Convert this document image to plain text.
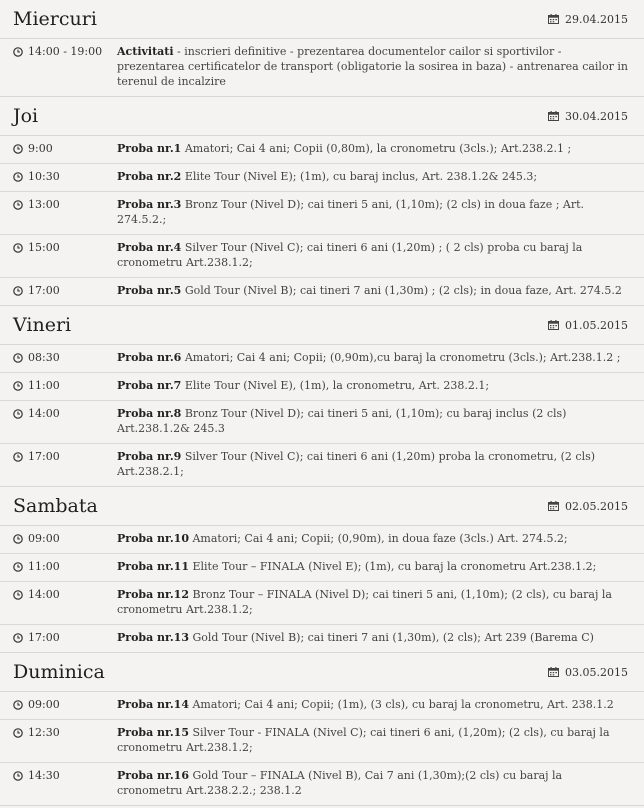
Miercuri	29.04.2015
14:00 - 19:00 Activitati - inscrieri definitive - prezentarea documentelor cailor si sportivilor - prezentarea certificatelor de transport (obligatorie la sosirea in baza) - antrenarea cailor in terenul de incalzire
Joi	30.04.2015
9:00	Proba nr.1 Amatori; Cai 4 ani; Copii (0,80m), la cronometru (3cls.); Art.238.2.1 ;
10:30	Proba nr.2 Elite Tour (Nivel E); (1m), cu baraj inclus, Art. 238.1.2& 245.3;
13:00	Proba nr.3 Bronz Tour (Nivel D); cai tineri 5 ani, (1,10m); (2 cls) in doua faze ; Art. 274.5.2.;
15:00	Proba nr.4 Silver Tour (Nivel C); cai tineri 6 ani (1,20m) ; ( 2 cls) proba cu baraj la cronometru Art.238.1.2;
17:00	Proba nr.5 Gold Tour (Nivel B); cai tineri 7 ani (1,30m) ; (2 cls); in doua faze, Art. 274.5.2
Vineri	01.05.2015
08:30	Proba nr.6 Amatori; Cai 4 ani; Copii; (0,90m),cu baraj la cronometru (3cls.); Art.238.1.2 ;
11:00	Proba nr.7 Elite Tour (Nivel E), (1m), la cronometru, Art. 238.2.1;
14:00	Proba nr.8 Bronz Tour (Nivel D); cai tineri 5 ani, (1,10m); cu baraj inclus (2 cls) Art.238.1.2& 245.3
17:00	Proba nr.9 Silver Tour (Nivel C); cai tineri 6 ani (1,20m) proba la cronometru, (2 cls) Art.238.2.1;
Sambata	02.05.2015
09:00	Proba nr.10 Amatori; Cai 4 ani; Copii; (0,90m), in doua faze (3cls.) Art. 274.5.2;
11:00	Proba nr.11 Elite Tour – FINALA (Nivel E); (1m), cu baraj la cronometru Art.238.1.2;
14:00	Proba nr.12 Bronz Tour – FINALA (Nivel D); cai tineri 5 ani, (1,10m); (2 cls), cu baraj la cronometru Art.238.1.2;
17:00	Proba nr.13 Gold Tour (Nivel B); cai tineri 7 ani (1,30m), (2 cls); Art 239 (Barema C)
Duminica	03.05.2015
09:00	Proba nr.14 Amatori; Cai 4 ani; Copii; (1m), (3 cls), cu baraj la cronometru, Art. 238.1.2
12:30	Proba nr.15 Silver Tour - FINALA (Nivel C); cai tineri 6 ani, (1,20m); (2 cls), cu baraj la cronometru Art.238.1.2;
14:30	Proba nr.16 Gold Tour – FINALA (Nivel B), Cai 7 ani (1,30m);(2 cls) cu baraj la cronometru Art.238.2.2.; 238.1.2
